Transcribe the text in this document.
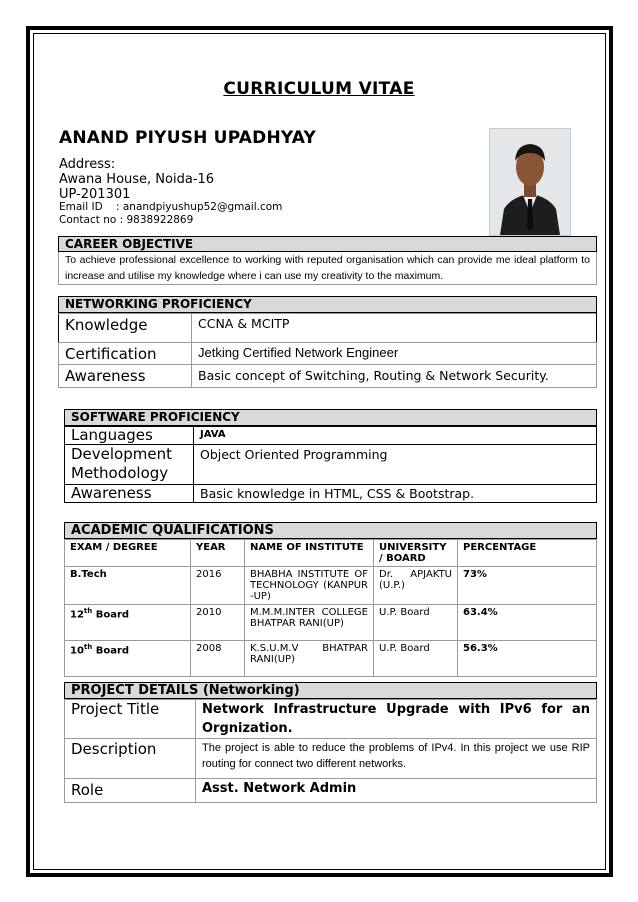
CURRICULUM VITAE
ANAND PIYUSH UPADHYAY
Address:
Awana House, Noida-16
UP-201301
Email ID    : anandpiyushup52@gmail.com
Contact no : 9838922869
CAREER OBJECTIVE
To achieve professional excellence to working with reputed organisation which can provide me ideal platform to increase and utilise my knowledge where i can use my creativity to the maximum.
NETWORKING PROFICIENCY
Knowledge	CCNA & MCITP
Certification	Jetking Certified Network Engineer
Awareness	Basic concept of Switching, Routing & Network Security.
SOFTWARE PROFICIENCY
Languages	JAVA
Development Methodology	Object Oriented Programming
Awareness	Basic knowledge in HTML, CSS & Bootstrap.
ACADEMIC QUALIFICATIONS
EXAM / DEGREE	YEAR	NAME OF INSTITUTE	UNIVERSITY / BOARD	PERCENTAGE
B.Tech	2016	BHABHA INSTITUTE OF TECHNOLOGY (KANPUR -UP)	Dr. APJAKTU (U.P.)	73%
12th Board	2010	M.M.M.INTER COLLEGE BHATPAR RANI(UP)	U.P. Board	63.4%
10th Board	2008	K.S.U.M.V BHATPAR RANI(UP)	U.P. Board	56.3%
PROJECT DETAILS (Networking)
Project Title	Network Infrastructure Upgrade with IPv6 for an Orgnization.
Description	The project is able to reduce the problems of IPv4. In this project we use RIP routing for connect two different networks.
Role	Asst. Network Admin
